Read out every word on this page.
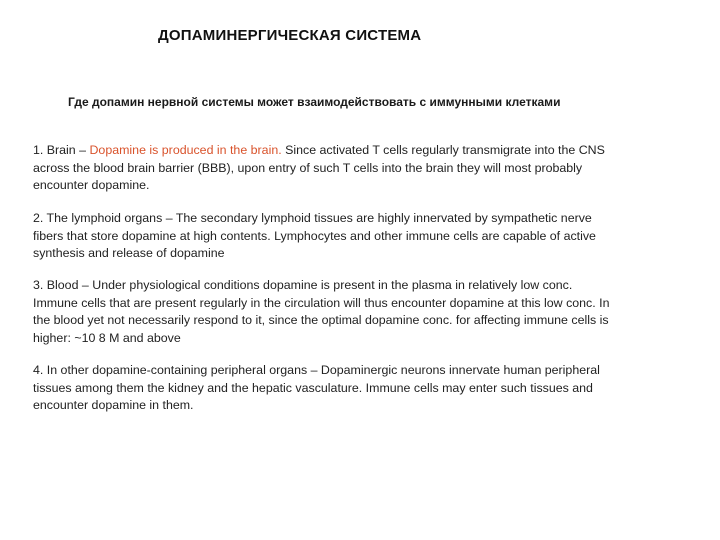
ДОПАМИНЕРГИЧЕСКАЯ СИСТЕМА
Где допамин нервной системы может взаимодействовать с иммунными клетками
1. Brain – Dopamine is produced in the brain. Since activated T cells regularly transmigrate into the CNS
across the blood brain barrier (BBB), upon entry of such T cells into the brain they will most probably
encounter dopamine.
2. The lymphoid organs – The secondary lymphoid tissues are highly innervated by sympathetic nerve
fibers that store dopamine at high contents. Lymphocytes and other immune cells are capable of active
synthesis and release of dopamine
3. Blood – Under physiological conditions dopamine is present in the plasma in relatively low conc.
Immune cells that are present regularly in the circulation will thus encounter dopamine at this low conc. In
the blood yet not necessarily respond to it, since the optimal dopamine conc. for affecting immune cells is
higher: ~10 8 M and above
4. In other dopamine-containing peripheral organs – Dopaminergic neurons innervate human peripheral
tissues among them the kidney and the hepatic vasculature. Immune cells may enter such tissues and
encounter dopamine in them.
